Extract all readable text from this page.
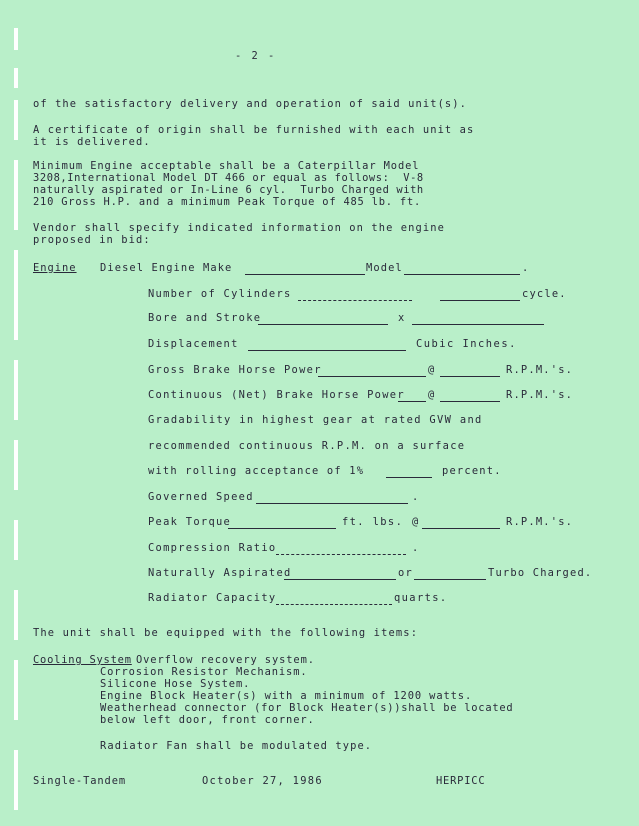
- 2 -
of the satisfactory delivery and operation of said unit(s).
A certificate of origin shall be furnished with each unit as
it is delivered.
Minimum Engine acceptable shall be a Caterpillar Model
3208,International Model DT 466 or equal as follows:  V-8
naturally aspirated or In-Line 6 cyl.  Turbo Charged with
210 Gross H.P. and a minimum Peak Torque of 485 lb. ft.
Vendor shall specify indicated information on the engine
proposed in bid:
Engine Diesel Engine Make	Model	.
Number of Cylinders	cycle.
Bore and Stroke	x
Displacement	Cubic Inches.
Gross Brake Horse Power	@	R.P.M.'s.
Continuous (Net) Brake Horse Power @	R.P.M.'s.
Gradability in highest gear at rated GVW and
recommended continuous R.P.M. on a surface
with rolling acceptance of 1%	percent.
Governed Speed	.
Peak Torque	ft. lbs. @	R.P.M.'s.
Compression Ratio	.
Naturally Aspirated	or	Turbo Charged.
Radiator Capacity	quarts.
The unit shall be equipped with the following items:
Cooling System Overflow recovery system.
Corrosion Resistor Mechanism.
Silicone Hose System.
Engine Block Heater(s) with a minimum of 1200 watts.
Weatherhead connector (for Block Heater(s))shall be located
below left door, front corner.
Radiator Fan shall be modulated type.
Single-Tandem	October 27, 1986	HERPICC
